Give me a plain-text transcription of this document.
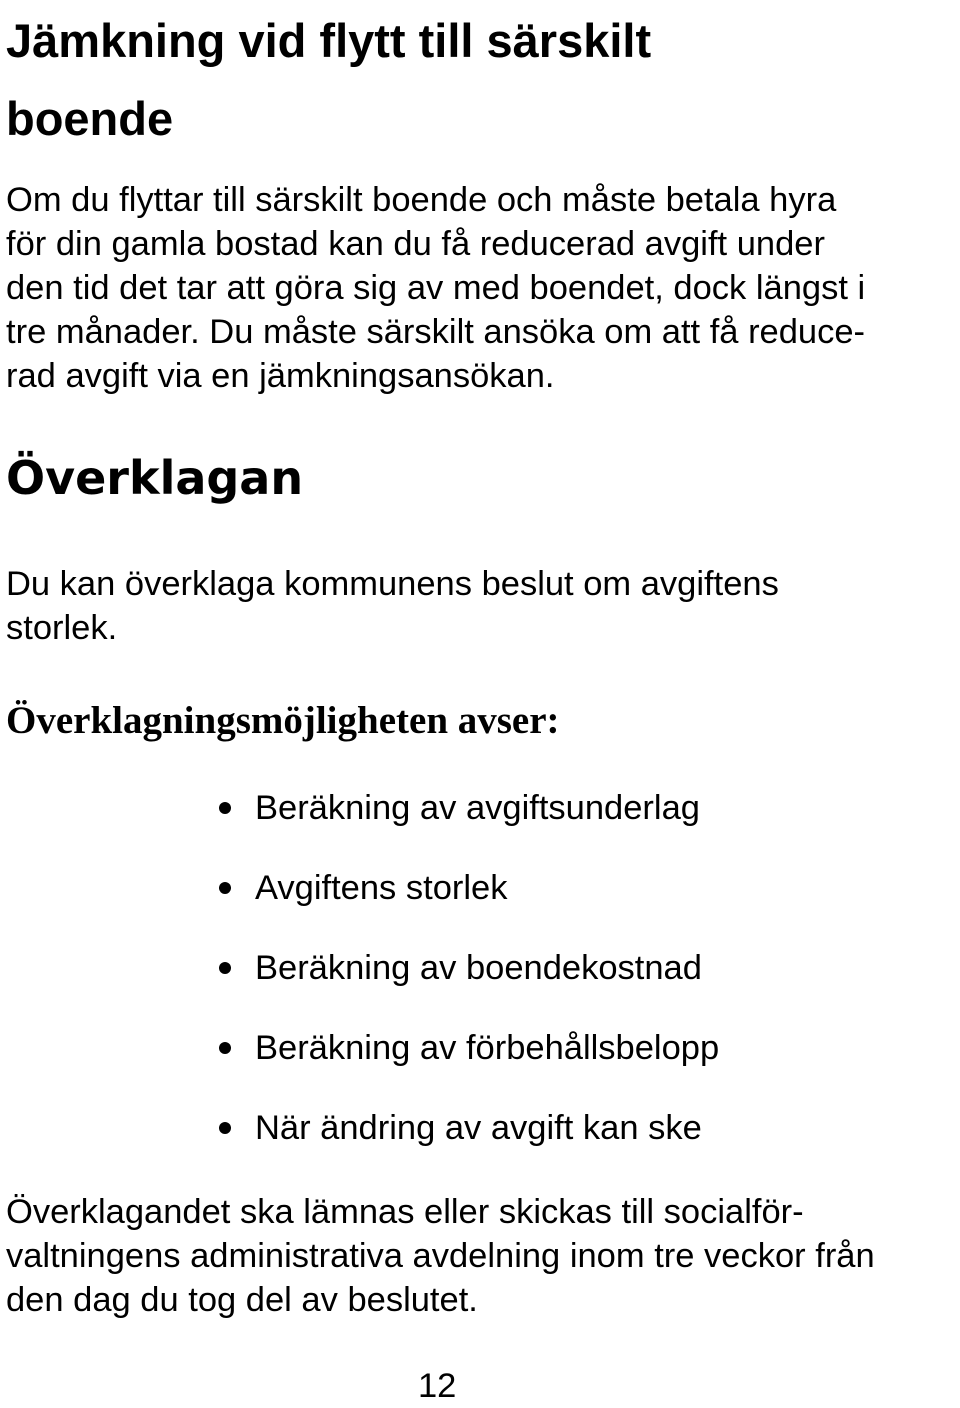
Jämkning vid flytt till särskilt
boende

Om du flyttar till särskilt boende och måste betala hyra
för din gamla bostad kan du få reducerad avgift under
den tid det tar att göra sig av med boendet, dock längst i
tre månader. Du måste särskilt ansöka om att få reduce-
rad avgift via en jämkningsansökan.

Överklagan

Du kan överklaga kommunens beslut om avgiftens
storlek.

Överklagningsmöjligheten avser:
Beräkning av avgiftsunderlag
Avgiftens storlek
Beräkning av boendekostnad
Beräkning av förbehållsbelopp
När ändring av avgift kan ske

Överklagandet ska lämnas eller skickas till socialför-
valtningens administrativa avdelning inom tre veckor från
den dag du tog del av beslutet.

12
